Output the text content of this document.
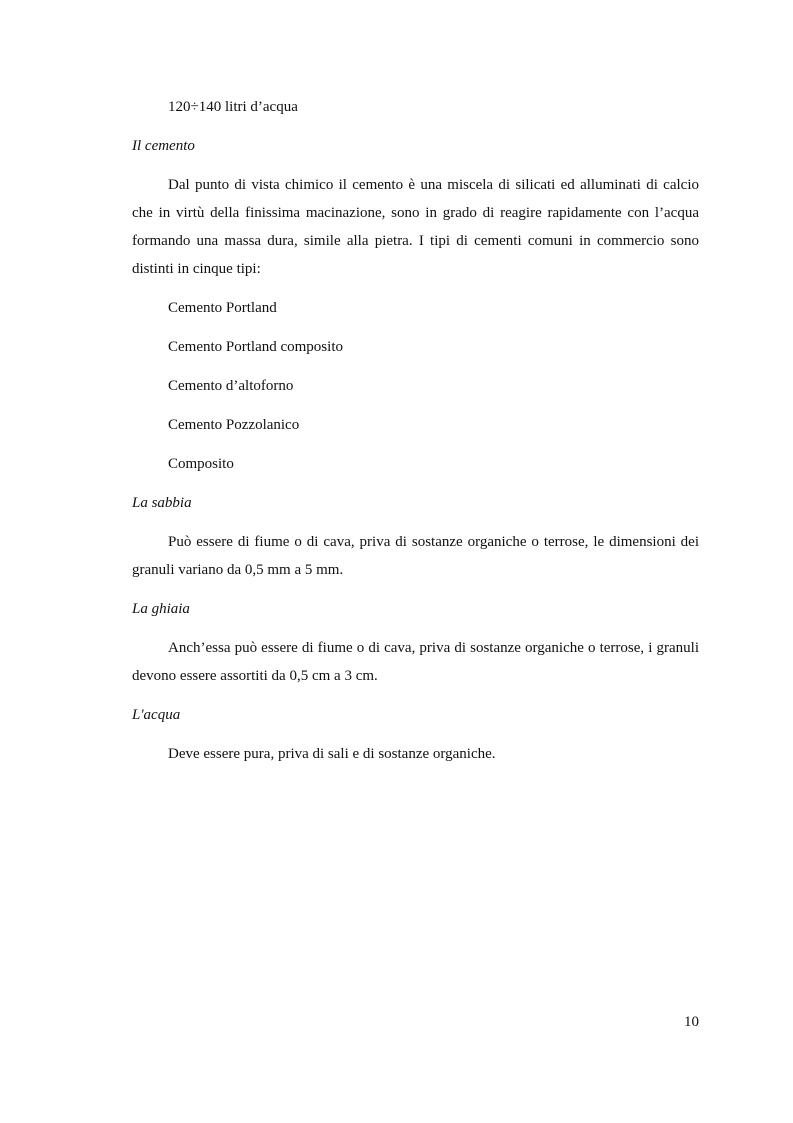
120÷140 litri d’acqua

Il cemento

Dal punto di vista chimico il cemento è una miscela di silicati ed alluminati di calcio che in virtù della finissima macinazione, sono in grado di reagire rapidamente con l’acqua formando una massa dura, simile alla pietra. I tipi di cementi comuni in commercio sono distinti in cinque tipi:

Cemento Portland

Cemento Portland composito

Cemento d’altoforno

Cemento Pozzolanico

Composito

La sabbia

Può essere di fiume o di cava, priva di sostanze organiche o terrose, le dimensioni dei granuli variano da 0,5 mm a 5 mm.

La ghiaia

Anch’essa può essere di fiume o di cava, priva di sostanze organiche o terrose, i granuli devono essere assortiti da 0,5 cm a 3 cm.

L'acqua

Deve essere pura, priva di sali e di sostanze organiche.

10
